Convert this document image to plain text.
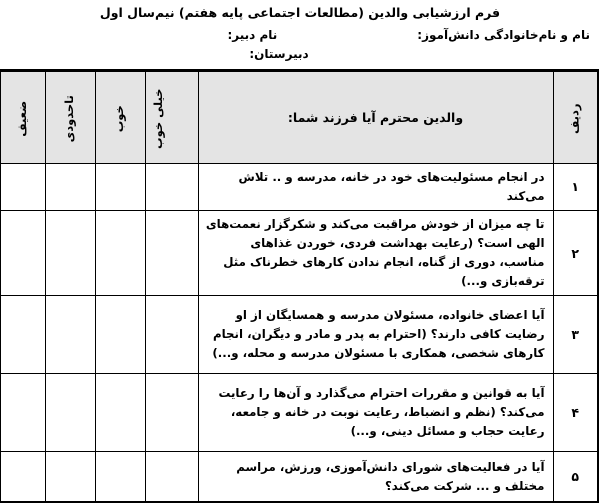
فرم ارزشیابی والدین (مطالعات اجتماعی پایه هفتم) نیم‌سال اول
نام و نام‌خانوادگی دانش‌آموز:
نام دبیر:
دبیرستان:
ردیف	والدین محترم آیا فرزند شما:	خیلی خوب	خوب	تاحدودی	ضعیف
۱	در انجام مسئولیت‌های خود در خانه، مدرسه و .. تلاش می‌کند				
۲	تا چه میزان از خودش مراقبت می‌کند و شکرگزار نعمت‌های الهی است؟ (رعایت بهداشت فردی، خوردن غذاهای مناسب، دوری از گناه، انجام ندادن کارهای خطرناک مثل ترقه‌بازی و...)				
۳	آیا اعضای خانواده، مسئولان مدرسه و همسایگان از او رضایت کافی دارند؟ (احترام به پدر و مادر و دیگران، انجام کارهای شخصی، همکاری با مسئولان مدرسه و محله، و...)				
۴	آیا به قوانین و مقررات احترام می‌گذارد و آن‌ها را رعایت می‌کند؟ (نظم و انضباط، رعایت نوبت در خانه و جامعه، رعایت حجاب و مسائل دینی، و...)				
۵	آیا در فعالیت‌های شورای دانش‌آموزی، ورزش، مراسم مختلف و ... شرکت می‌کند؟				
